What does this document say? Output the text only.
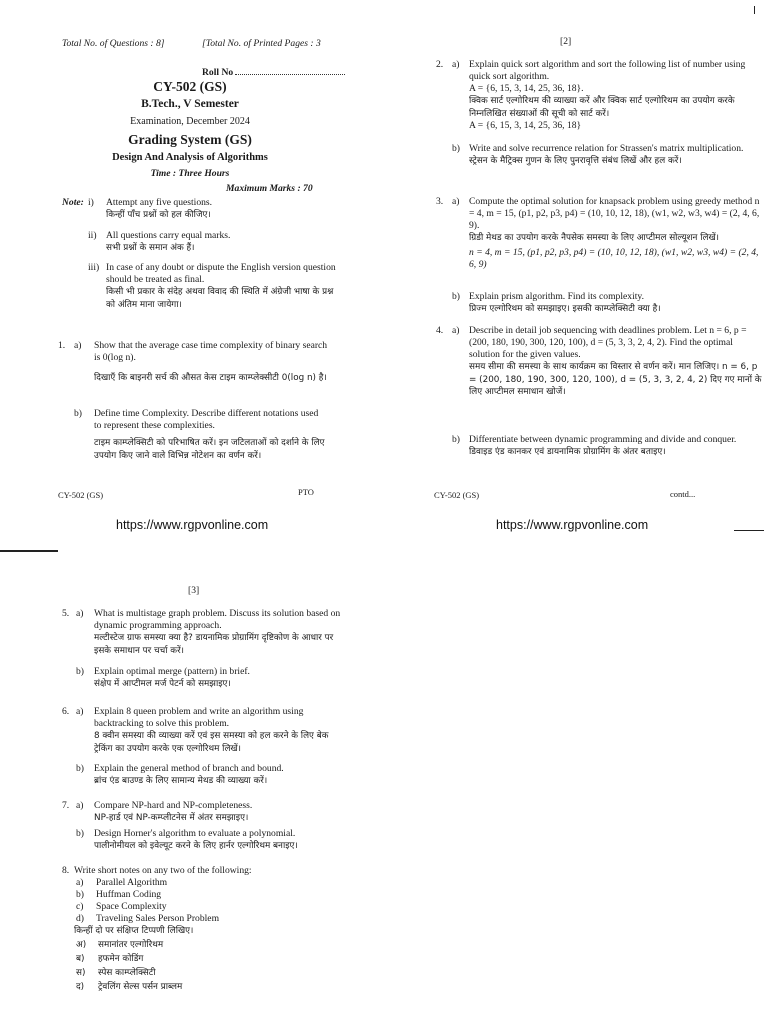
Total No. of Questions : 8]	[Total No. of Printed Pages : 3
Roll No
CY-502 (GS)
B.Tech., V Semester
Examination, December 2024
Grading System (GS)
Design And Analysis of Algorithms
Time : Three Hours
Maximum Marks : 70
Note: i) Attempt any five questions.
किन्हीं पाँच प्रश्नों को हल कीजिए।
ii) All questions carry equal marks.
सभी प्रश्नों के समान अंक हैं।
iii) In case of any doubt or dispute the English version question should be treated as final.
किसी भी प्रकार के संदेह अथवा विवाद की स्थिति में अंग्रेजी भाषा के प्रश्न को अंतिम माना जायेगा।
1. a) Show that the average case time complexity of binary search is 0(log n).
दिखाएँ कि बाइनरी सर्च की औसत केस टाइम काम्प्लेक्सीटी 0(log n) है।
b) Define time Complexity. Describe different notations used to represent these complexities.
टाइम काम्प्लेक्सिटी को परिभाषित करें। इन जटिलताओं को दर्शाने के लिए उपयोग किए जाने वाले विभिन्न नोटेशन का वर्णन करें।
CY-502 (GS)	PTO
https://www.rgpvonline.com
[2]
2. a) Explain quick sort algorithm and sort the following list of number using quick sort algorithm.
A = {6, 15, 3, 14, 25, 36, 18}.
क्विक सार्ट एल्गोरिथम की व्याख्या करें और क्विक सार्ट एल्गोरिथम का उपयोग करके निम्नलिखित संख्याओं की सूची को सार्ट करें।
A = {6, 15, 3, 14, 25, 36, 18}
b) Write and solve recurrence relation for Strassen's matrix multiplication.
स्ट्रेसन के मैट्रिक्स गुणन के लिए पुनरावृत्ति संबंध लिखें और हल करें।
3. a) Compute the optimal solution for knapsack problem using greedy method n = 4, m = 15, (p1, p2, p3, p4) = (10, 10, 12, 18), (w1, w2, w3, w4) = (2, 4, 6, 9).
ग्रिडी मेथड का उपयोग करके नैपसेक समस्या के लिए आप्टीमल सोल्यूशन लिखें।
n = 4, m = 15, (p1, p2, p3, p4) = (10, 10, 12, 18), (w1, w2, w3, w4) = (2, 4, 6, 9)
b) Explain prism algorithm. Find its complexity.
प्रिज्म एल्गोरिथम को समझाइए। इसकी काम्प्लेक्सिटी क्या है।
4. a) Describe in detail job sequencing with deadlines problem. Let n = 6, p = (200, 180, 190, 300, 120, 100), d = (5, 3, 3, 2, 4, 2). Find the optimal solution for the given values.
समय सीमा की समस्या के साथ कार्यक्रम का विस्तार से वर्णन करें। मान लिजिए। n = 6, p = (200, 180, 190, 300, 120, 100), d = (5, 3, 3, 2, 4, 2) दिए गए मानों के लिए आप्टीमल समाधान खोजें।
b) Differentiate between dynamic programming and divide and conquer.
डिवाइड एंड कानकर एवं डायनामिक प्रोग्रामिंग के अंतर बताइए।
CY-502 (GS)	contd...
https://www.rgpvonline.com
[3]
5. a) What is multistage graph problem. Discuss its solution based on dynamic programming approach.
मल्टीस्टेज ग्राफ समस्या क्या है? डायनामिक प्रोग्रामिंग दृष्टिकोण के आधार पर इसके समाधान पर चर्चा करें।
b) Explain optimal merge (pattern) in brief.
संक्षेप में आप्टीमल मर्ज पेटर्न को समझाइए।
6. a) Explain 8 queen problem and write an algorithm using backtracking to solve this problem.
8 क्वीन समस्या की व्याख्या करें एवं इस समस्या को हल करने के लिए बेक ट्रेकिंग का उपयोग करके एक एल्गोरिथम लिखें।
b) Explain the general method of branch and bound.
ब्रांच एंड बाउण्ड के लिए सामान्य मेथड की व्याख्या करें।
7. a) Compare NP-hard and NP-completeness.
NP-हार्ड एवं NP-कम्प्लीटनेस में अंतर समझाइए।
b) Design Horner's algorithm to evaluate a polynomial.
पालीनोमीयल को इवेल्यूट करने के लिए हार्नर एल्गोरिथम बनाइए।
8. Write short notes on any two of the following:
a) Parallel Algorithm
b) Huffman Coding
c) Space Complexity
d) Traveling Sales Person Problem
किन्हीं दो पर संक्षिप्त टिप्पणी लिखिए।
अ) समानांतर एल्गोरिथम
ब) हफमेन कोडिंग
स) स्पेस काम्प्लेक्सिटी
द) ट्रेवलिंग सेल्स पर्सन प्राब्लम
